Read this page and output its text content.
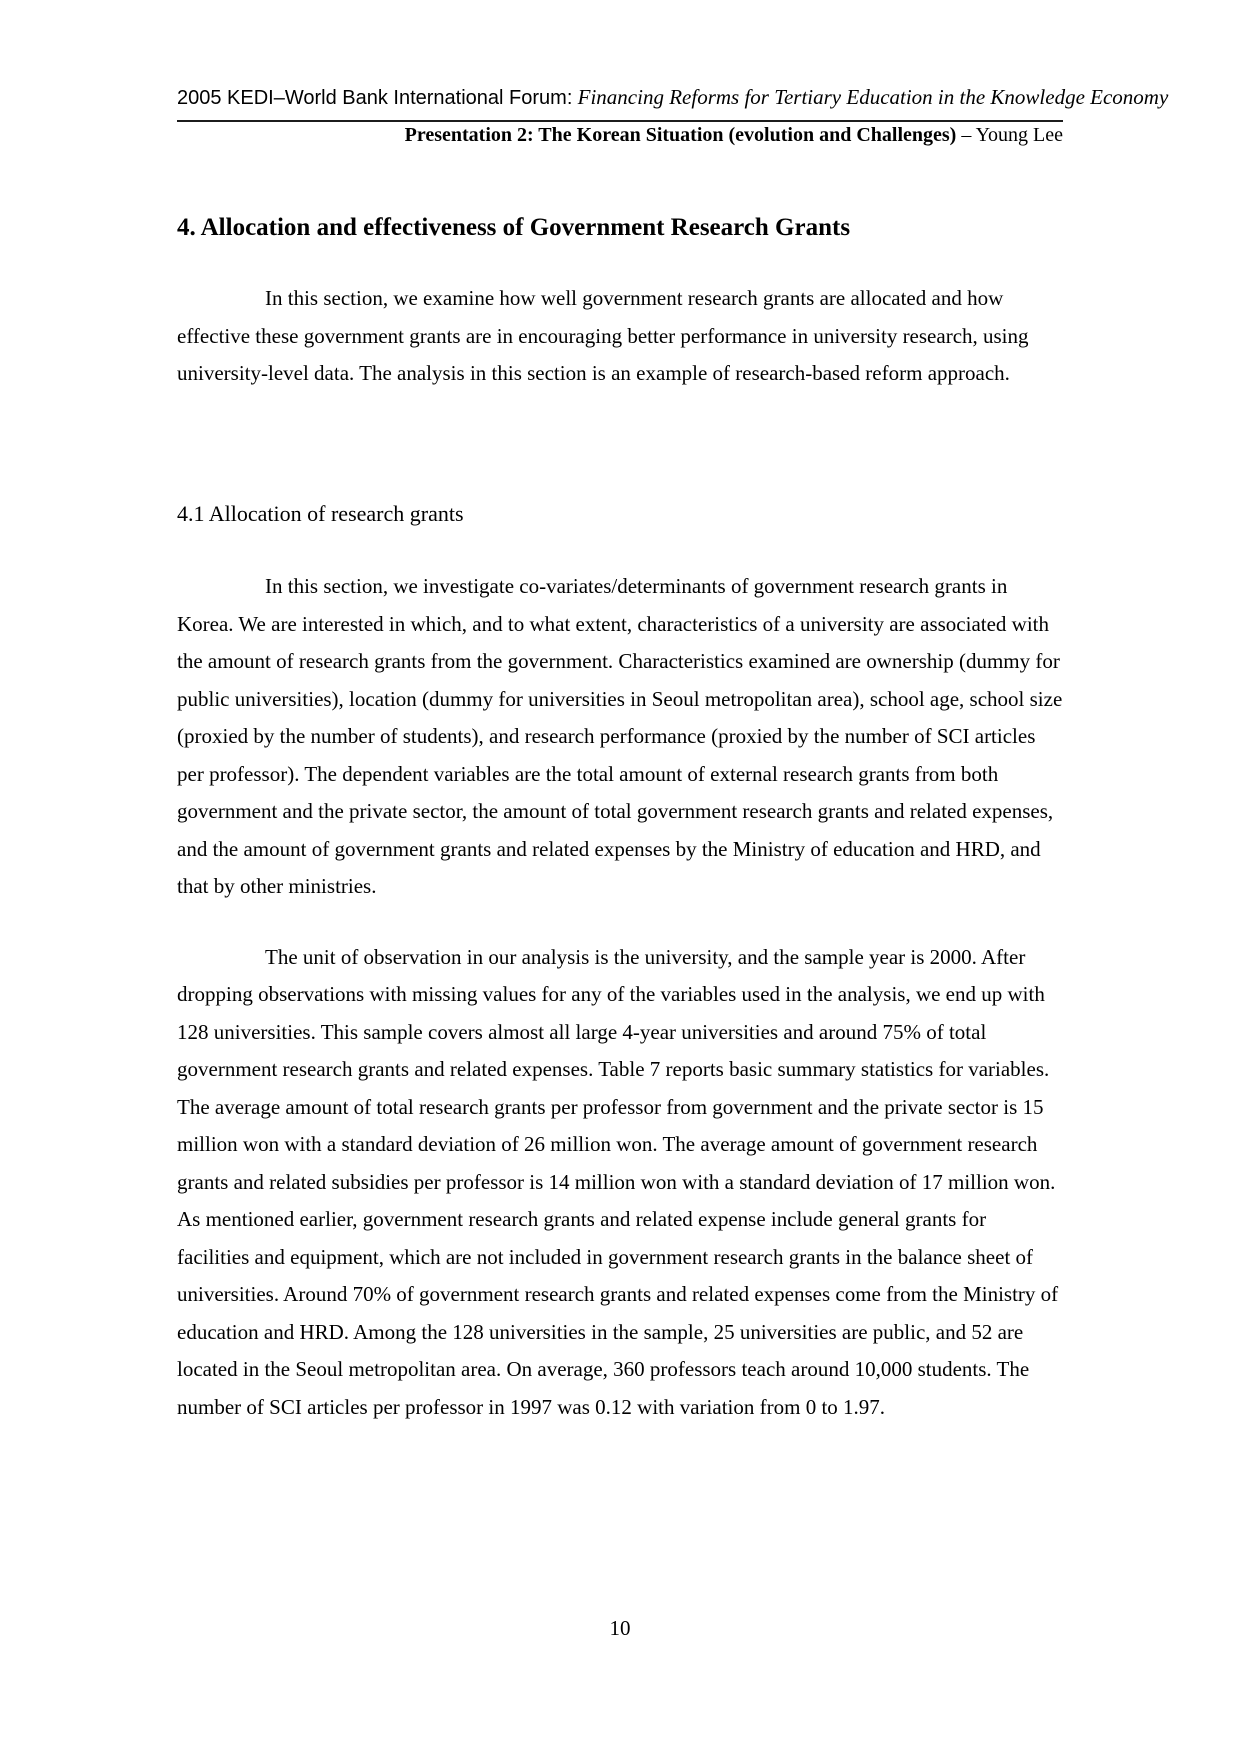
2005 KEDI–World Bank International Forum: Financing Reforms for Tertiary Education in the Knowledge Economy
Presentation 2: The Korean Situation (evolution and Challenges) – Young Lee
4. Allocation and effectiveness of Government Research Grants

In this section, we examine how well government research grants are allocated and how effective these government grants are in encouraging better performance in university research, using university-level data. The analysis in this section is an example of research-based reform approach.

4.1 Allocation of research grants

In this section, we investigate co-variates/determinants of government research grants in Korea. We are interested in which, and to what extent, characteristics of a university are associated with the amount of research grants from the government. Characteristics examined are ownership (dummy for public universities), location (dummy for universities in Seoul metropolitan area), school age, school size (proxied by the number of students), and research performance (proxied by the number of SCI articles per professor). The dependent variables are the total amount of external research grants from both government and the private sector, the amount of total government research grants and related expenses, and the amount of government grants and related expenses by the Ministry of education and HRD, and that by other ministries.

The unit of observation in our analysis is the university, and the sample year is 2000. After dropping observations with missing values for any of the variables used in the analysis, we end up with 128 universities. This sample covers almost all large 4-year universities and around 75% of total government research grants and related expenses. Table 7 reports basic summary statistics for variables. The average amount of total research grants per professor from government and the private sector is 15 million won with a standard deviation of 26 million won. The average amount of government research grants and related subsidies per professor is 14 million won with a standard deviation of 17 million won. As mentioned earlier, government research grants and related expense include general grants for facilities and equipment, which are not included in government research grants in the balance sheet of universities. Around 70% of government research grants and related expenses come from the Ministry of education and HRD. Among the 128 universities in the sample, 25 universities are public, and 52 are located in the Seoul metropolitan area. On average, 360 professors teach around 10,000 students. The number of SCI articles per professor in 1997 was 0.12 with variation from 0 to 1.97.

10
